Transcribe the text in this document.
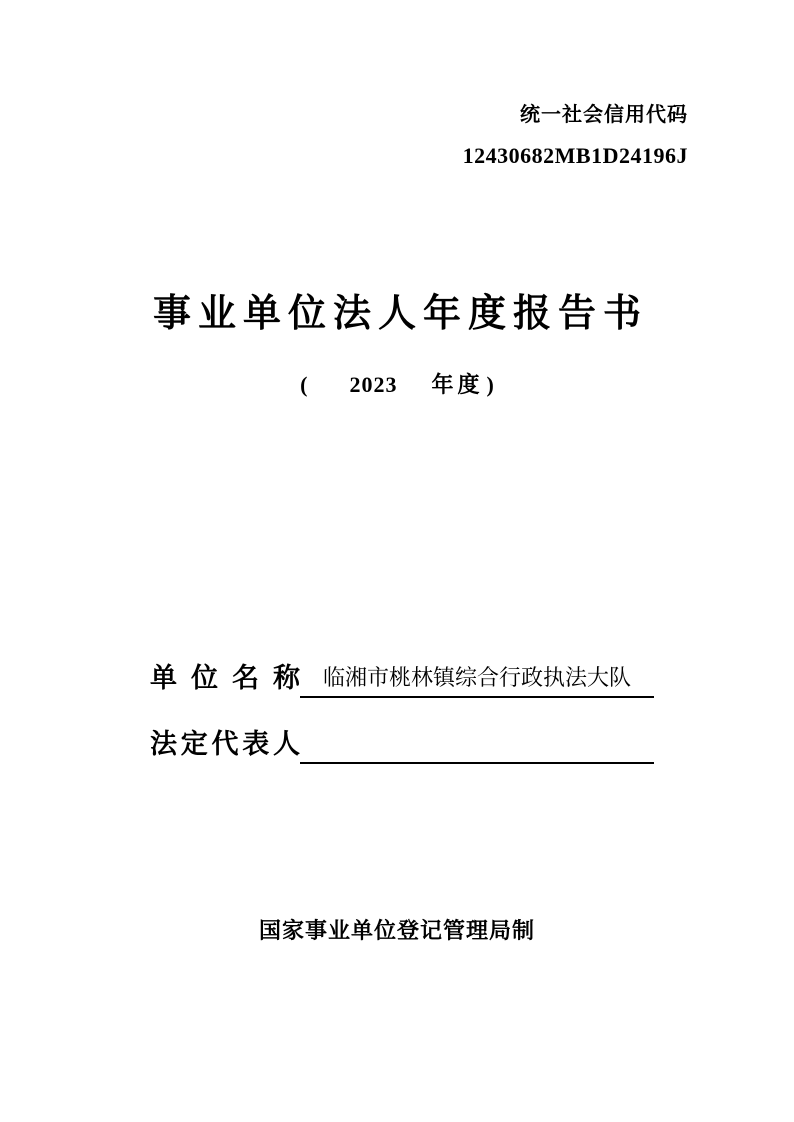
统一社会信用代码
12430682MB1D24196J
事业单位法人年度报告书
( 2023 年度 )
单位名称	临湘市桃林镇综合行政执法大队
法定代表人
国家事业单位登记管理局制
